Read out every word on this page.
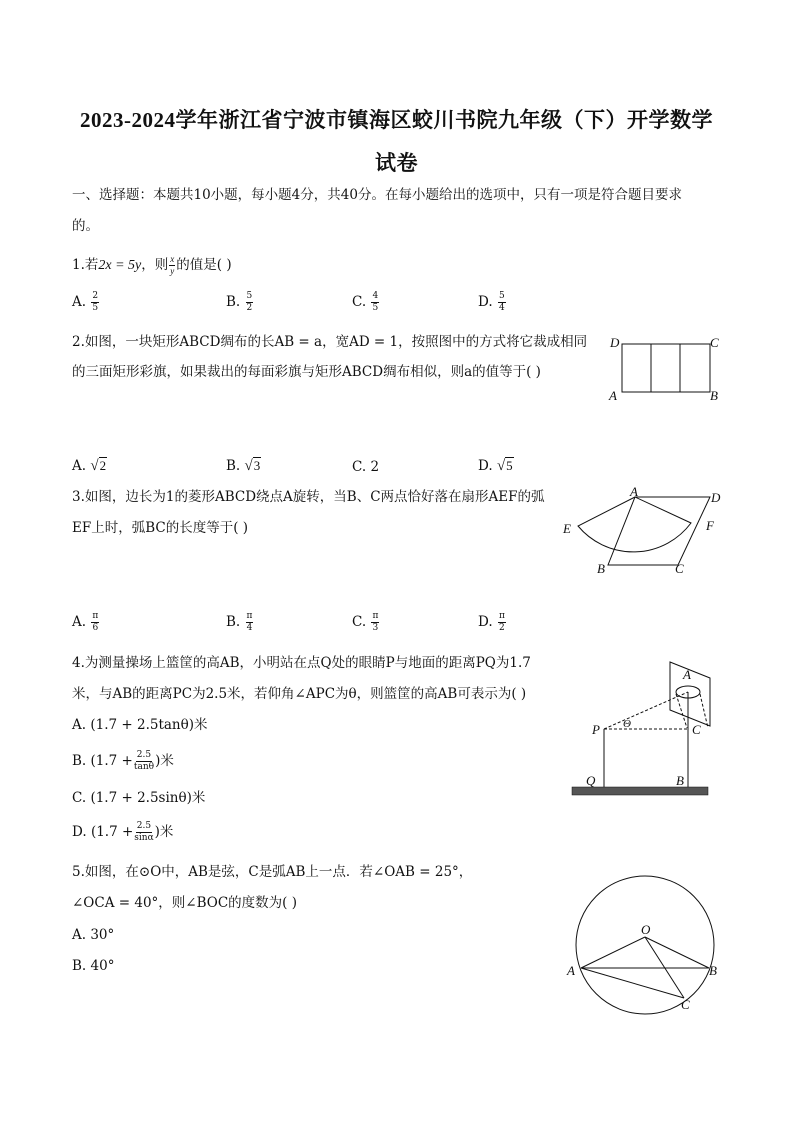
2023-2024学年浙江省宁波市镇海区蛟川书院九年级（下）开学数学
试卷
一、选择题：本题共10小题，每小题4分，共40分。在每小题给出的选项中，只有一项是符合题目要求
的。
1.若2x = 5y，则 $\frac{x}{y}$ 的值是( )
A. $\frac{2}{5}$	B. $\frac{5}{2}$	C. $\frac{4}{5}$	D. $\frac{5}{4}$
2.如图，一块矩形ABCD绸布的长AB = a，宽AD = 1，按照图中的方式将它裁成相同
的三面矩形彩旗，如果裁出的每面彩旗与矩形ABCD绸布相似，则a的值等于( )
D	C
A	B
A. √2	B. √3	C. 2	D. √5
3.如图，边长为1的菱形ABCD绕点A旋转，当B、C两点恰好落在扇形AEF的弧
EF上时，弧BC的长度等于( )
A	D
E	F
B	C
A. $\frac{\pi}{6}$	B. $\frac{\pi}{4}$	C. $\frac{\pi}{3}$	D. $\frac{\pi}{2}$
4.为测量操场上篮筐的高AB，小明站在点Q处的眼睛P与地面的距离PQ为1.7
米，与AB的距离PC为2.5米，若仰角∠APC为θ，则篮筐的高AB可表示为( )
A. (1.7 + 2.5tanθ)米
B. ($1.7 + \frac{2.5}{\tan\theta}$ )米
C. (1.7 + 2.5sinθ)米
D. ($1.7 + \frac{2.5}{\sin\alpha}$ )米
A
P	C
Θ
Q	B
5.如图，在⊙O中，AB是弦，C是弧AB上一点．若∠OAB = 25°，
∠OCA = 40°，则∠BOC的度数为( )
A. 30°
B. 40°
O
A	B
C
